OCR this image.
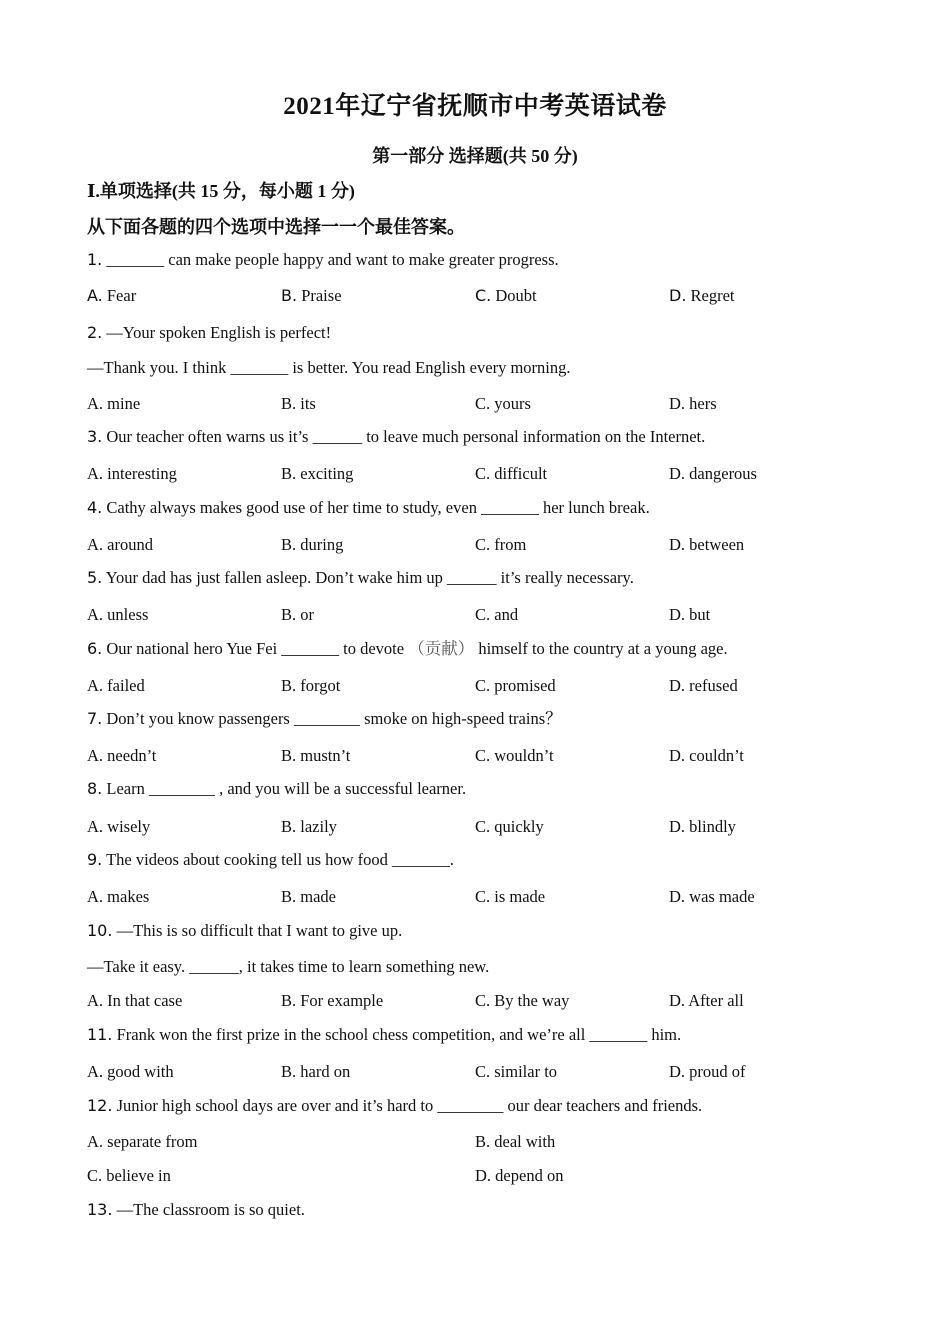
2021年辽宁省抚顺市中考英语试卷
第一部分 选择题(共 50 分)
Ⅰ.单项选择(共 15 分，每小题 1 分)
从下面各题的四个选项中选择一一个最佳答案。
1. _______ can make people happy and want to make greater progress.
A. Fear	B. Praise	C. Doubt	D. Regret
2. —Your spoken English is perfect!
—Thank you. I think _______ is better. You read English every morning.
A. mine	B. its	C. yours	D. hers
3. Our teacher often warns us it’s ______ to leave much personal information on the Internet.
A. interesting	B. exciting	C. difficult	D. dangerous
4. Cathy always makes good use of her time to study, even _______ her lunch break.
A. around	B. during	C. from	D. between
5. Your dad has just fallen asleep. Don’t wake him up ______ it’s really necessary.
A. unless	B. or	C. and	D. but
6. Our national hero Yue Fei _______ to devote （贡献） himself to the country at a young age.
A. failed	B. forgot	C. promised	D. refused
7. Don’t you know passengers ________ smoke on high-speed trains？
A. needn’t	B. mustn’t	C. wouldn’t	D. couldn’t
8. Learn ________ , and you will be a successful learner.
A. wisely	B. lazily	C. quickly	D. blindly
9. The videos about cooking tell us how food _______.
A. makes	B. made	C. is made	D. was made
10. —This is so difficult that I want to give up.
—Take it easy. ______, it takes time to learn something new.
A. In that case	B. For example	C. By the way	D. After all
11. Frank won the first prize in the school chess competition, and we’re all _______ him.
A. good with	B. hard on	C. similar to	D. proud of
12. Junior high school days are over and it’s hard to ________ our dear teachers and friends.
A. separate from	B. deal with
C. believe in	D. depend on
13. —The classroom is so quiet.
